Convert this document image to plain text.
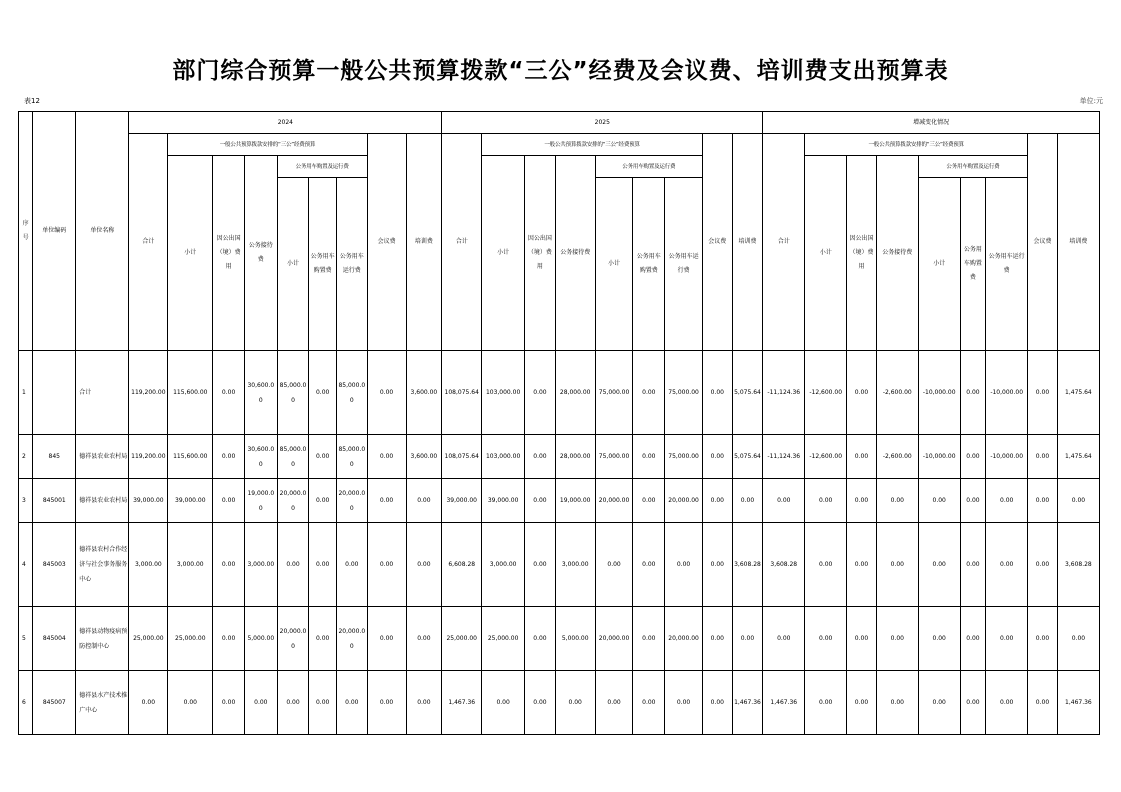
部门综合预算一般公共预算拨款“三公”经费及会议费、培训费支出预算表
表12	单位:元
序号	单位编码	单位名称	2024									2025									增减变化情况								
			合计	一般公共预算拨款安排的“三公”经费预算						会议费	培训费	合计	一般公共预算拨款安排的“三公”经费预算						会议费	培训费	合计	一般公共预算拨款安排的“三公”经费预算						会议费	培训费
				小计	因公出国（境）费用	公务接待费	公务用车购置及运行费						小计	因公出国（境）费用	公务接待费	公务用车购置及运行费						小计	因公出国（境）费用	公务接待费	公务用车购置及运行费				
							小计	公务用车购置费	公务用车运行费							小计	公务用车购置费	公务用车运行费							小计	公务用车购置费	公务用车运行费		
1		合计	119,200.00	115,600.00	0.00	30,600.00	85,000.00	0.00	85,000.00	0.00	3,600.00	108,075.64	103,000.00	0.00	28,000.00	75,000.00	0.00	75,000.00	0.00	5,075.64	-11,124.36	-12,600.00	0.00	-2,600.00	-10,000.00	0.00	-10,000.00	0.00	1,475.64
2	845	德祥县农业农村局	119,200.00	115,600.00	0.00	30,600.00	85,000.00	0.00	85,000.00	0.00	3,600.00	108,075.64	103,000.00	0.00	28,000.00	75,000.00	0.00	75,000.00	0.00	5,075.64	-11,124.36	-12,600.00	0.00	-2,600.00	-10,000.00	0.00	-10,000.00	0.00	1,475.64
3	845001	德祥县农业农村局	39,000.00	39,000.00	0.00	19,000.00	20,000.00	0.00	20,000.00	0.00	0.00	39,000.00	39,000.00	0.00	19,000.00	20,000.00	0.00	20,000.00	0.00	0.00	0.00	0.00	0.00	0.00	0.00	0.00	0.00	0.00	0.00
4	845003	德祥县农村合作经济与社会事务服务中心	3,000.00	3,000.00	0.00	3,000.00	0.00	0.00	0.00	0.00	0.00	6,608.28	3,000.00	0.00	3,000.00	0.00	0.00	0.00	0.00	3,608.28	3,608.28	0.00	0.00	0.00	0.00	0.00	0.00	0.00	3,608.28
5	845004	德祥县动物疫病预防控制中心	25,000.00	25,000.00	0.00	5,000.00	20,000.00	0.00	20,000.00	0.00	0.00	25,000.00	25,000.00	0.00	5,000.00	20,000.00	0.00	20,000.00	0.00	0.00	0.00	0.00	0.00	0.00	0.00	0.00	0.00	0.00	0.00
6	845007	德祥县水产技术推广中心	0.00	0.00	0.00	0.00	0.00	0.00	0.00	0.00	0.00	1,467.36	0.00	0.00	0.00	0.00	0.00	0.00	0.00	1,467.36	1,467.36	0.00	0.00	0.00	0.00	0.00	0.00	0.00	1,467.36
